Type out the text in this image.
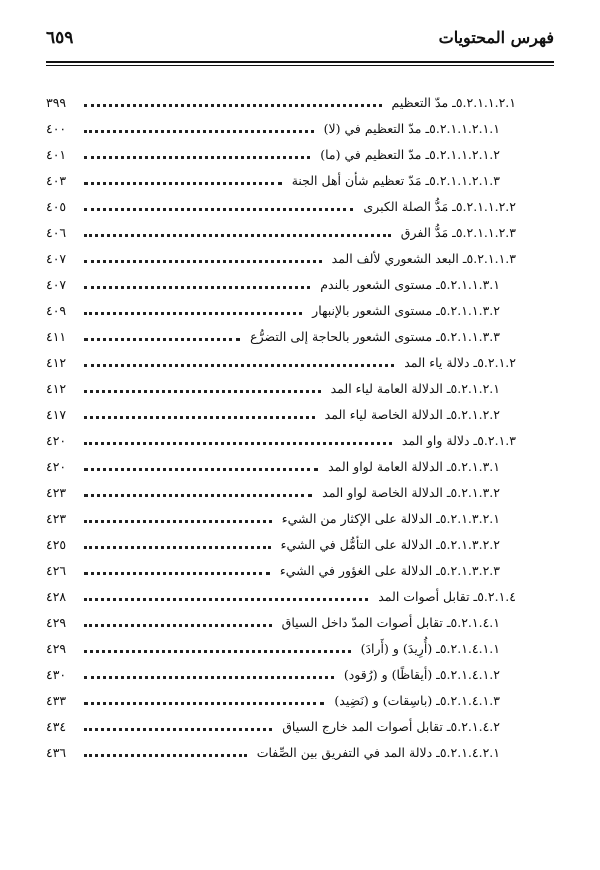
فهرس المحتويات
٦٥٩
٥.٢.١.١.٢.١ـ مدّ التعظيم
٣٩٩
٥.٢.١.١.٢.١.١ـ مدّ التعظيم في (لا)
٤٠٠
٥.٢.١.١.٢.١.٢ـ مدّ التعظيم في (ما)
٤٠١
٥.٢.١.١.٢.١.٣ـ مَدّ تعظيم شأن أهل الجنة
٤٠٣
٥.٢.١.١.٢.٢ـ مَدُّ الصلة الكبرى
٤٠٥
٥.٢.١.١.٢.٣ـ مَدُّ الفرق
٤٠٦
٥.٢.١.١.٣ـ البعد الشعوري لألف المد
٤٠٧
٥.٢.١.١.٣.١ـ مستوى الشعور بالندم
٤٠٧
٥.٢.١.١.٣.٢ـ مستوى الشعور بالإنبهار
٤٠٩
٥.٢.١.١.٣.٣ـ مستوى الشعور بالحاجة إلى التضرُّع
٤١١
٥.٢.١.٢ـ دلالة ياء المد
٤١٢
٥.٢.١.٢.١ـ الدلالة العامة لياء المد
٤١٢
٥.٢.١.٢.٢ـ الدلالة الخاصة لياء المد
٤١٧
٥.٢.١.٣ـ دلالة واو المد
٤٢٠
٥.٢.١.٣.١ـ الدلالة العامة لواو المد
٤٢٠
٥.٢.١.٣.٢ـ الدلالة الخاصة لواو المد
٤٢٣
٥.٢.١.٣.٢.١ـ الدلالة على الإكثار من الشيء
٤٢٣
٥.٢.١.٣.٢.٢ـ الدلالة على التأمُّل في الشيء
٤٢٥
٥.٢.١.٣.٢.٣ـ الدلالة على الغؤور في الشيء
٤٢٦
٥.٢.١.٤ـ تقابل أصوات المد
٤٢٨
٥.٢.١.٤.١ـ تقابل أصوات المدّ داخل السياق
٤٢٩
٥.٢.١.٤.١.١ـ (أُرِيدَ) و (أَرادَ)
٤٢٩
٥.٢.١.٤.١.٢ـ (أيقاظًا) و (رُقود)
٤٣٠
٥.٢.١.٤.١.٣ـ (باسِقات) و (نَضِيد)
٤٣٣
٥.٢.١.٤.٢ـ تقابل أصوات المد خارج السياق
٤٣٤
٥.٢.١.٤.٢.١ـ دلالة المد في التفريق بين الصِّفات
٤٣٦
